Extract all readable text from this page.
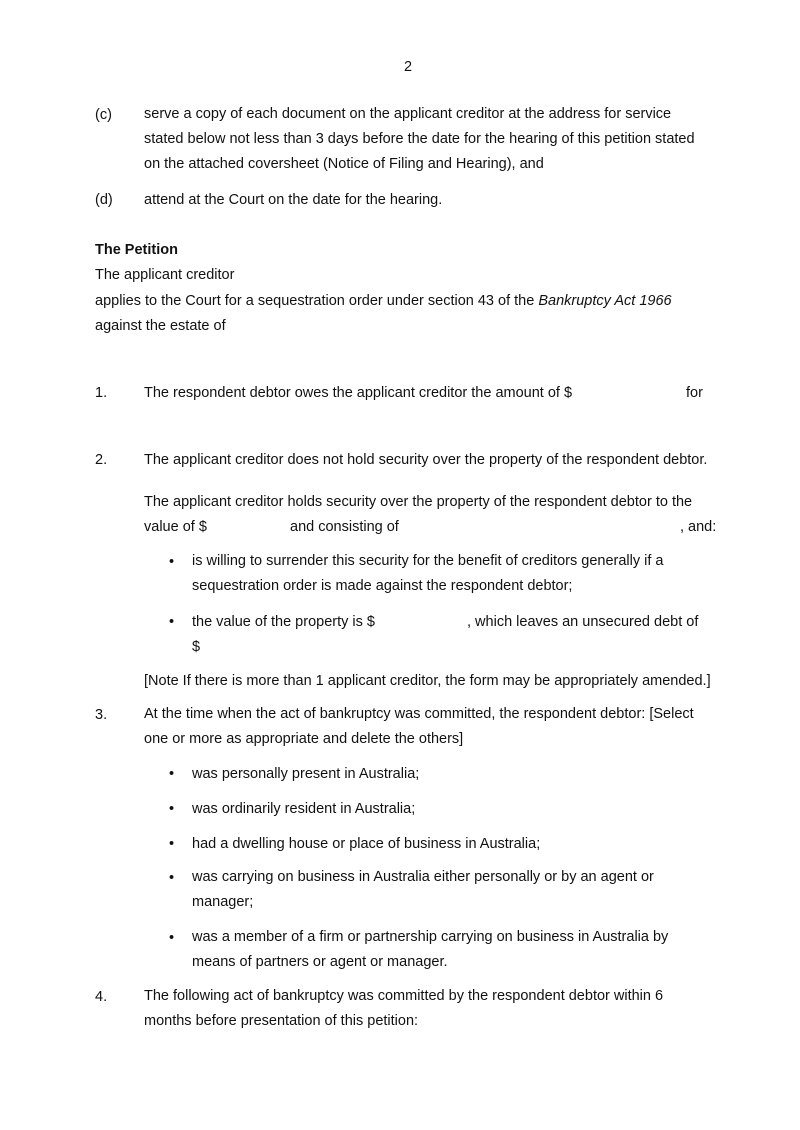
2
(c) serve a copy of each document on the applicant creditor at the address for service
stated below not less than 3 days before the date for the hearing of this petition stated
on the attached coversheet (Notice of Filing and Hearing), and
(d) attend at the Court on the date for the hearing.
The Petition
The applicant creditor
applies to the Court for a sequestration order under section 43 of the Bankruptcy Act 1966
against the estate of
1.	The respondent debtor owes the applicant creditor the amount of $	for
2.	The applicant creditor does not hold security over the property of the respondent debtor.
The applicant creditor holds security over the property of the respondent debtor to the
value of $	and consisting of	, and:
• is willing to surrender this security for the benefit of creditors generally if a
sequestration order is made against the respondent debtor;
• the value of the property is $	, which leaves an unsecured debt of
$
[Note If there is more than 1 applicant creditor, the form may be appropriately amended.]
3.	At the time when the act of bankruptcy was committed, the respondent debtor: [Select
one or more as appropriate and delete the others]
• was personally present in Australia;
• was ordinarily resident in Australia;
• had a dwelling house or place of business in Australia;
• was carrying on business in Australia either personally or by an agent or
manager;
• was a member of a firm or partnership carrying on business in Australia by
means of partners or agent or manager.
4.	The following act of bankruptcy was committed by the respondent debtor within 6
months before presentation of this petition:
